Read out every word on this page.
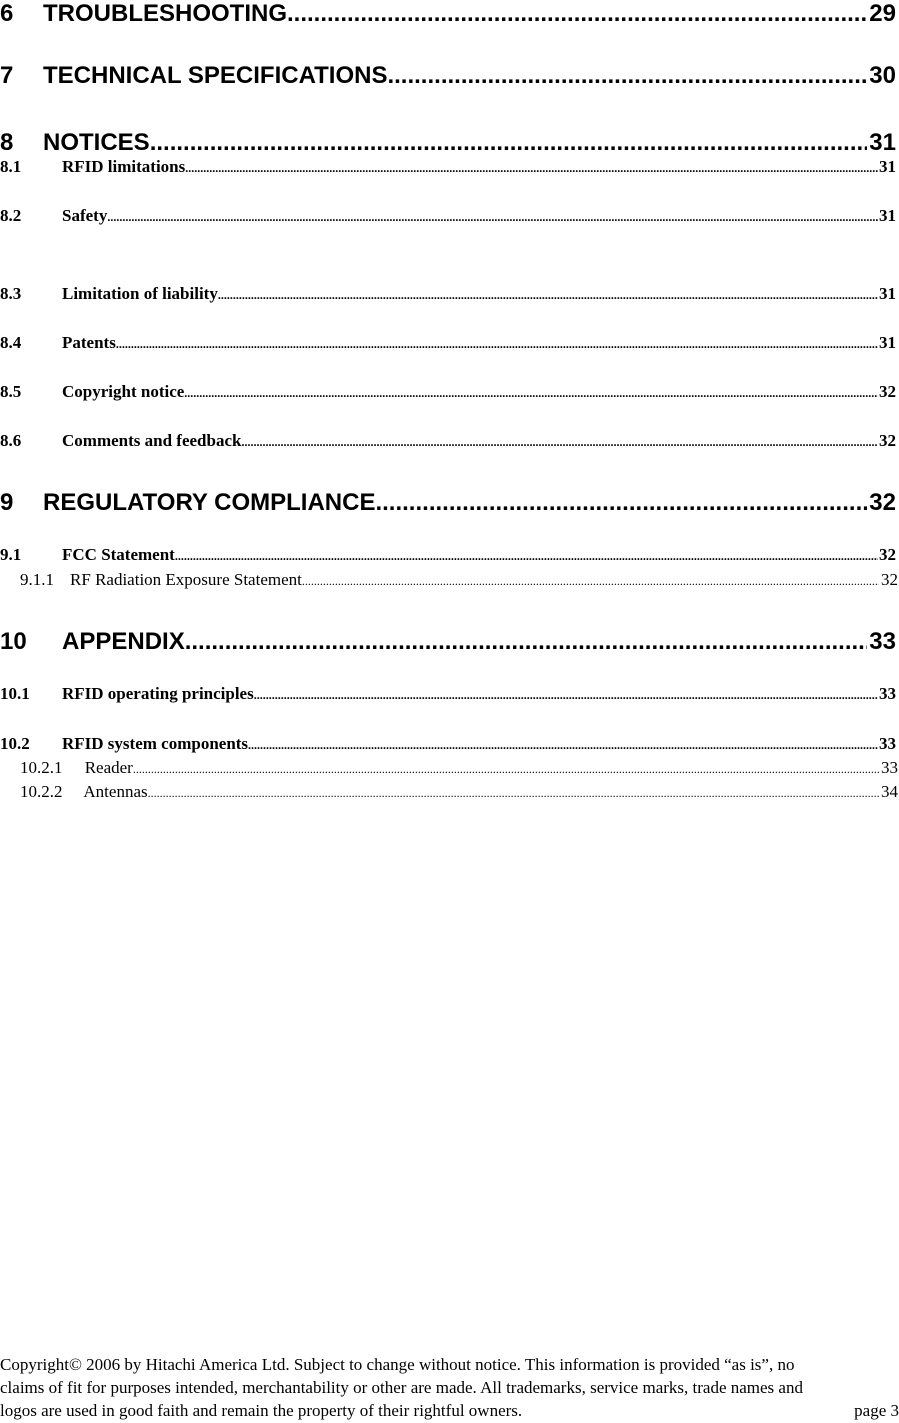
6	TROUBLESHOOTING .....	29
7	TECHNICAL SPECIFICATIONS .....	30
8	NOTICES .....	31
8.1	RFID limitations .....	31
8.2	Safety .....	31
8.3	Limitation of liability .....	31
8.4	Patents .....	31
8.5	Copyright notice .....	32
8.6	Comments and feedback .....	32
9	REGULATORY COMPLIANCE .....	32
9.1	FCC Statement .....	32
9.1.1 RF Radiation Exposure Statement .....	32
10	APPENDIX .....	33
10.1	RFID operating principles .....	33
10.2	RFID system components .....	33
10.2.1	Reader .....	33
10.2.2	Antennas .....	34
Copyright© 2006 by Hitachi America Ltd. Subject to change without notice. This information is provided “as is”, no
claims of fit for purposes intended, merchantability or other are made. All trademarks, service marks, trade names and
logos are used in good faith and remain the property of their rightful owners.	page 3
